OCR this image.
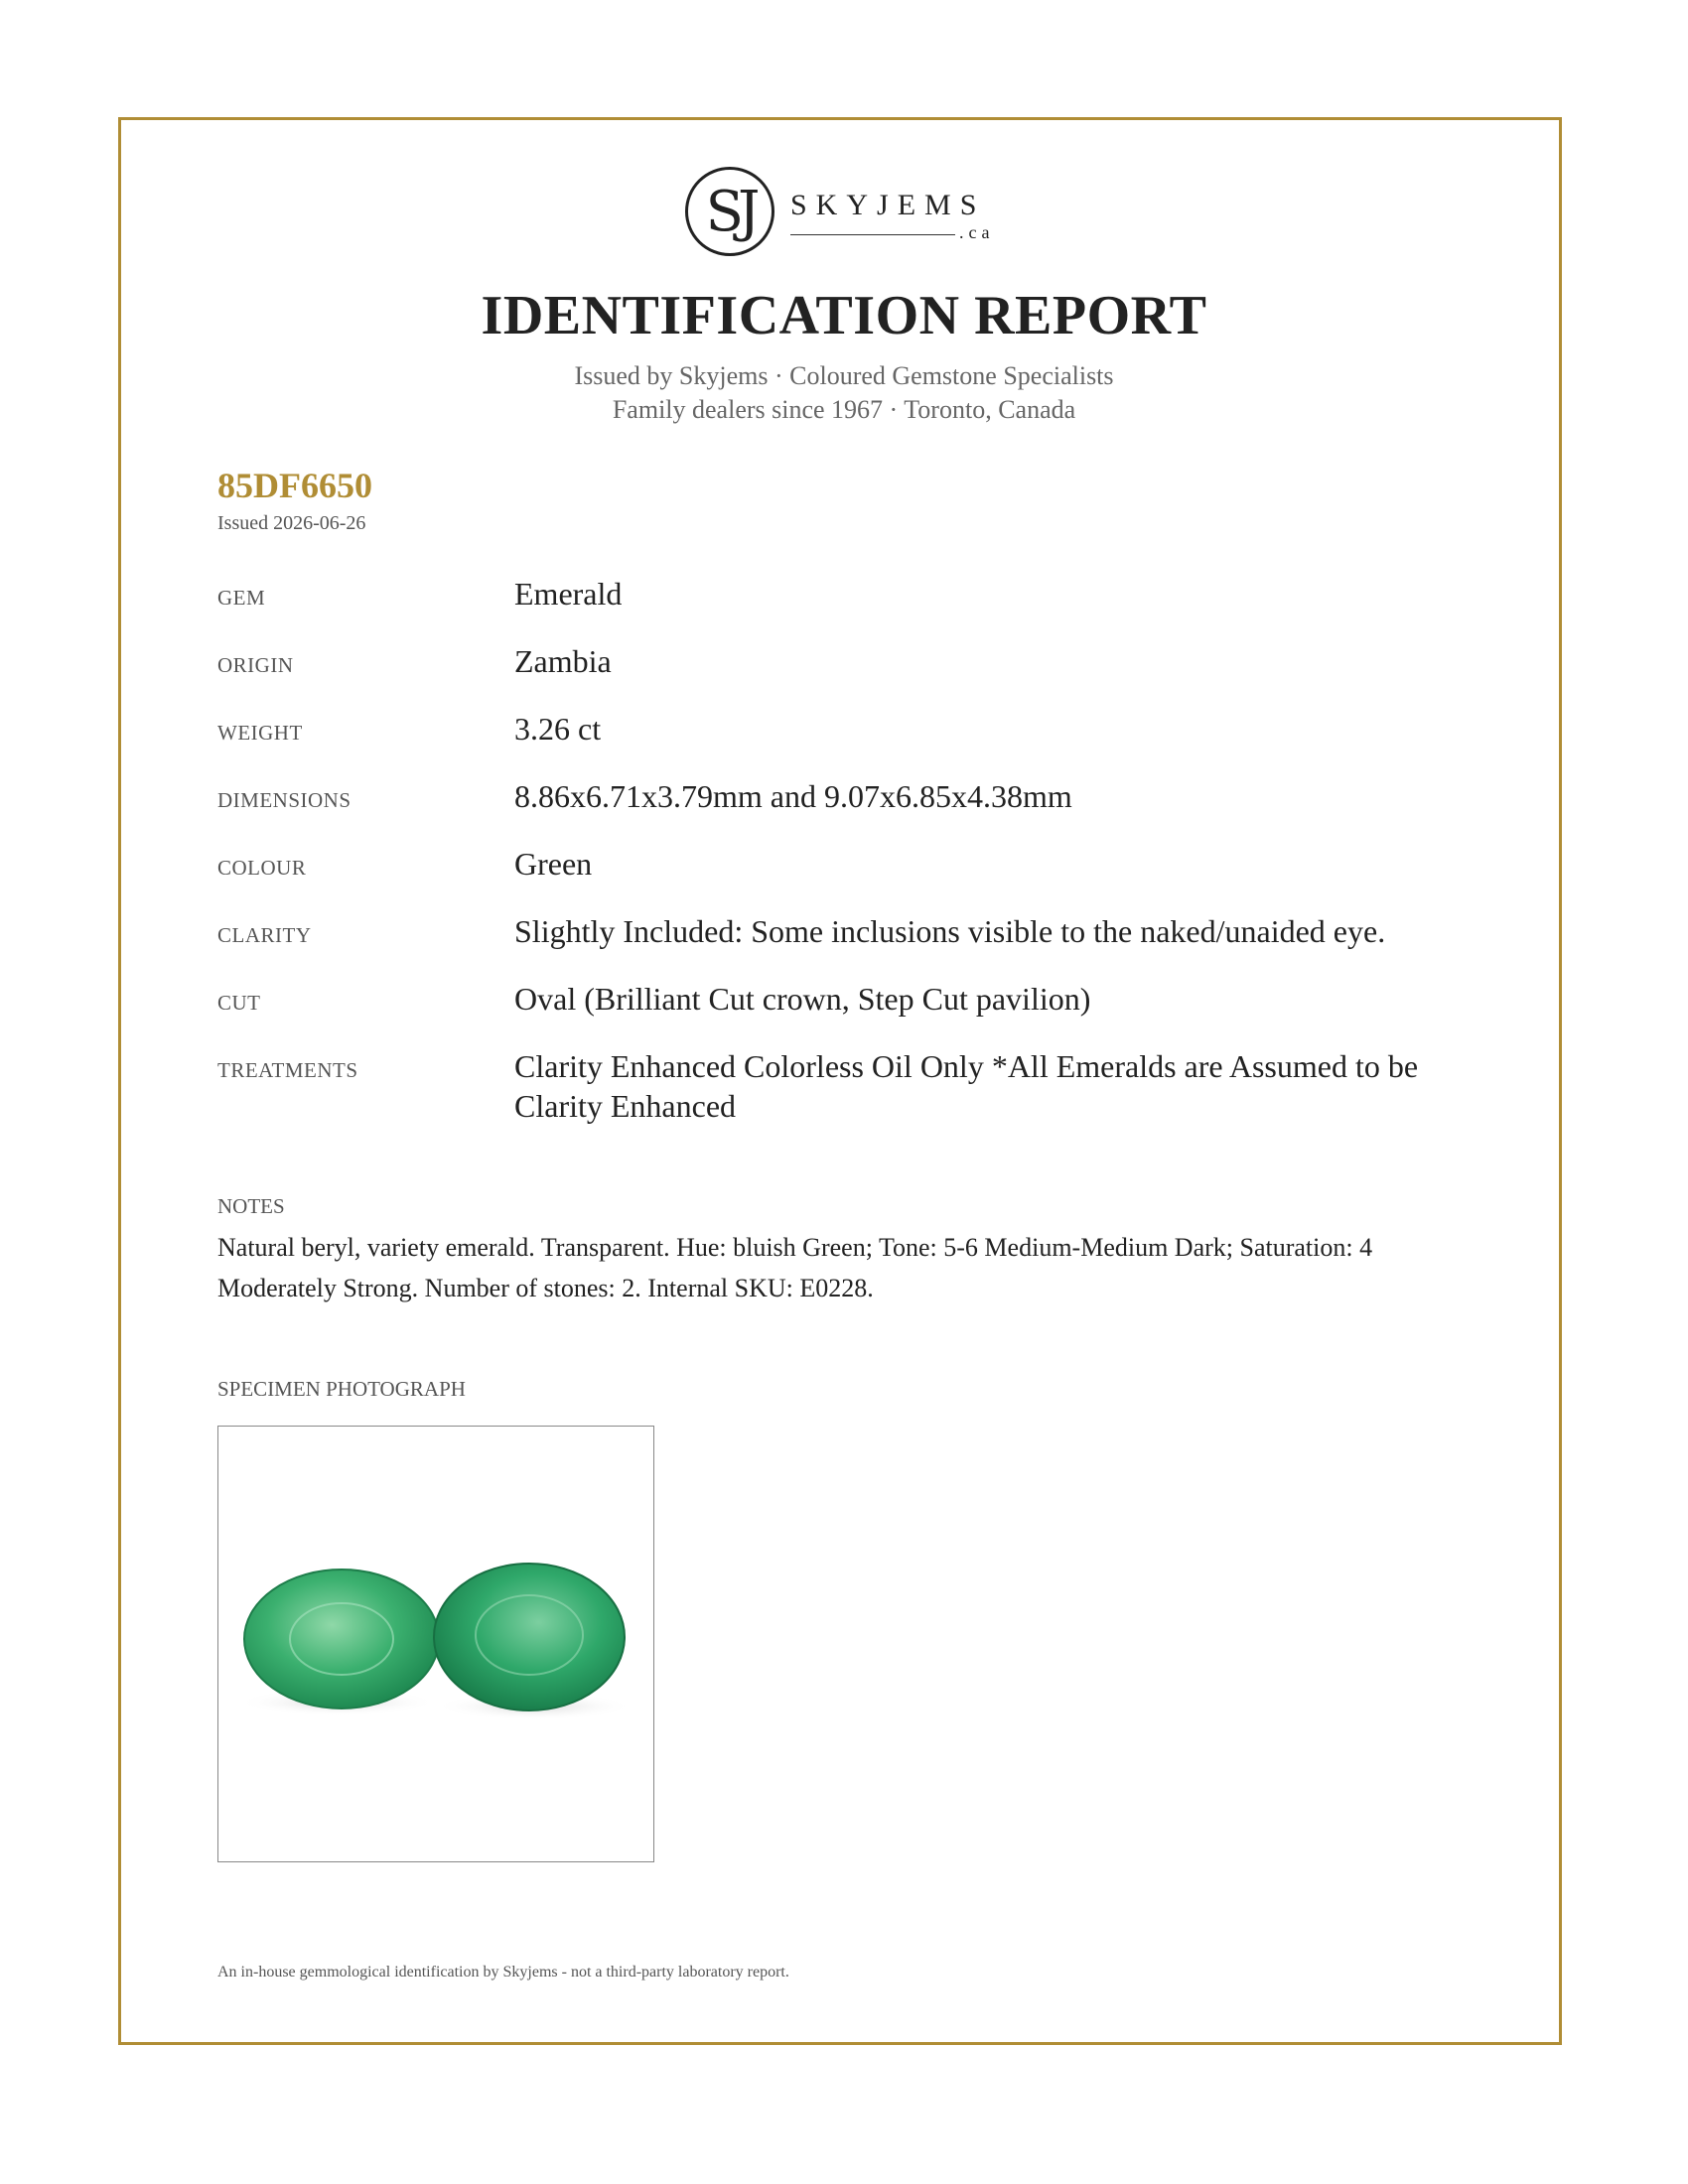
SJ	SKYJEMS
.ca
IDENTIFICATION REPORT
Issued by Skyjems · Coloured Gemstone Specialists
Family dealers since 1967 · Toronto, Canada
85DF6650
Issued 2026-06-26
GEM	Emerald
ORIGIN	Zambia
WEIGHT	3.26 ct
DIMENSIONS	8.86x6.71x3.79mm and 9.07x6.85x4.38mm
COLOUR	Green
CLARITY	Slightly Included: Some inclusions visible to the naked/unaided eye.
CUT	Oval (Brilliant Cut crown, Step Cut pavilion)
TREATMENTS	Clarity Enhanced Colorless Oil Only *All Emeralds are Assumed to be Clarity Enhanced
NOTES
Natural beryl, variety emerald. Transparent. Hue: bluish Green; Tone: 5-6 Medium-Medium Dark; Saturation: 4 Moderately Strong. Number of stones: 2. Internal SKU: E0228.
SPECIMEN PHOTOGRAPH
An in-house gemmological identification by Skyjems - not a third-party laboratory report.
